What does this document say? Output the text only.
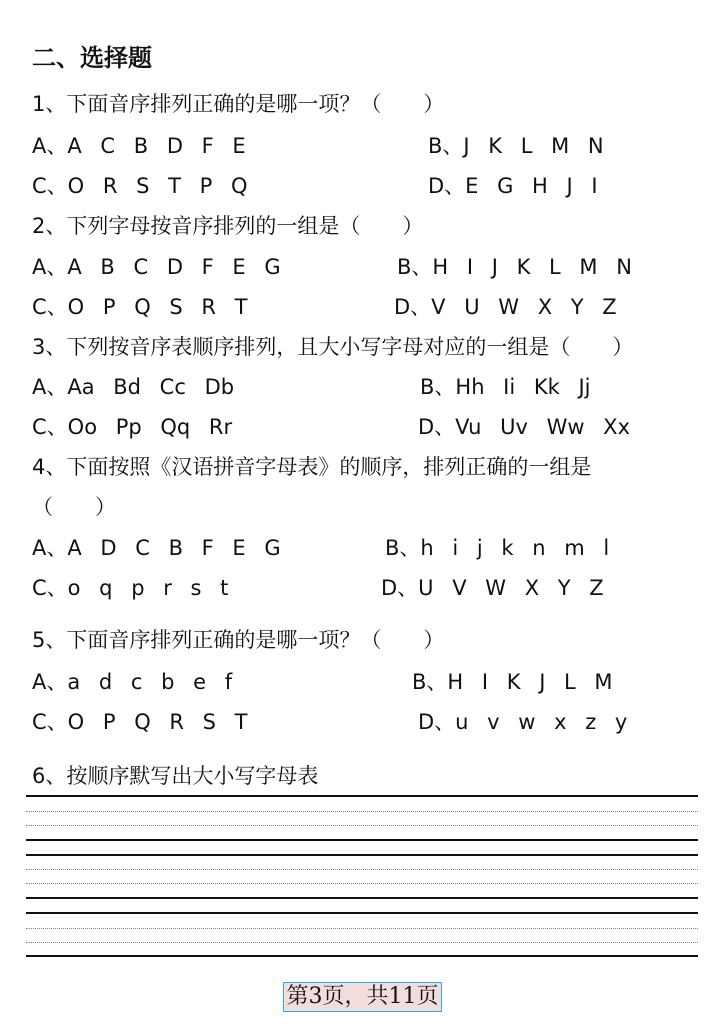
二、选择题
1、下面音序排列正确的是哪一项？（　　）
A、A C B D F E	B、J K L M N
C、O R S T P Q	D、E G H J I
2、下列字母按音序排列的一组是（　　）
A、A B C D F E G	B、H I J K L M N
C、O P Q S R T	D、V U W X Y Z
3、下列按音序表顺序排列，且大小写字母对应的一组是（　　）
A、Aa Bd Cc Db	B、Hh Ii Kk Jj
C、Oo Pp Qq Rr	D、Vu Uv Ww Xx
4、下面按照《汉语拼音字母表》的顺序，排列正确的一组是
（　　）
A、A D C B F E G	B、h i j k n m l
C、o q p r s t	D、U V W X Y Z
5、下面音序排列正确的是哪一项？（　　）
A、a d c b e f	B、H I K J L M
C、O P Q R S T	D、u v w x z y
6、按顺序默写出大小写字母表
第3页，共11页
